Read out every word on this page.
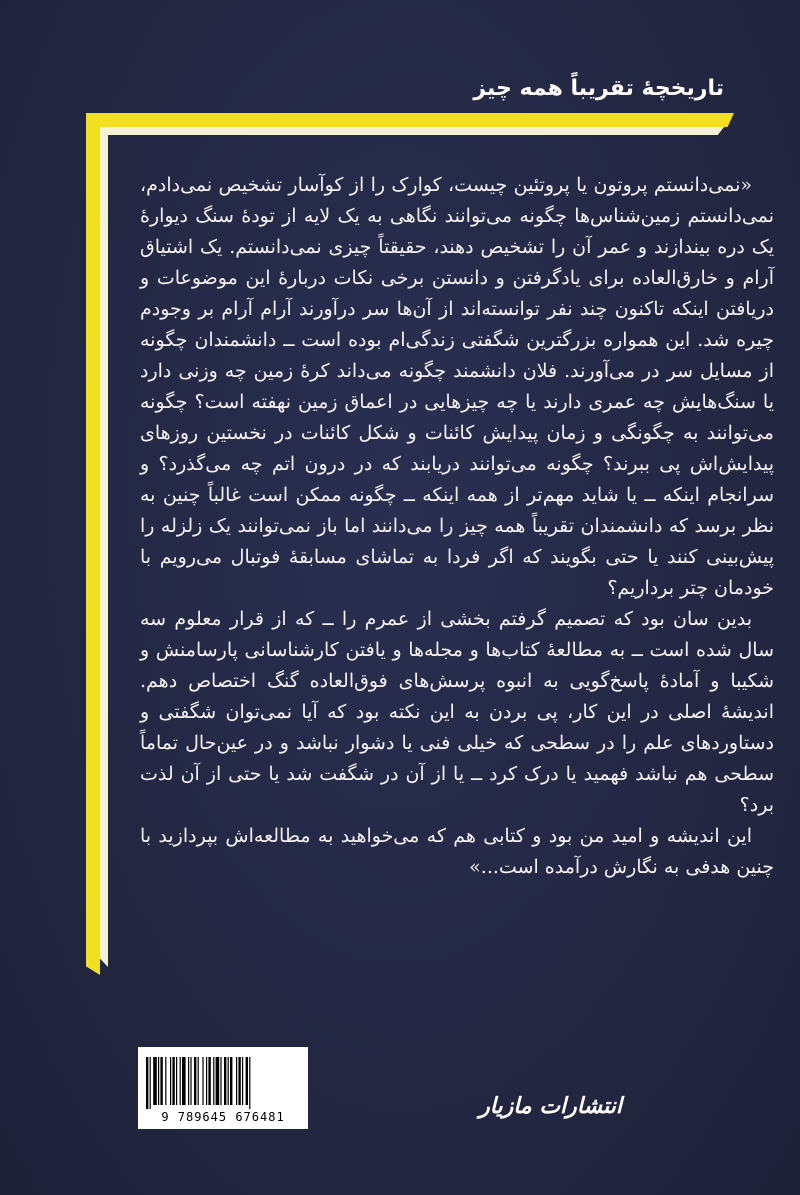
تاریخچهٔ تقریباً همه چیز

«نمی‌دانستم پروتون یا پروتئین چیست، کوارک را از کوآسار تشخیص نمی‌دادم، نمی‌دانستم زمین‌شناس‌ها چگونه می‌توانند نگاهی به یک لایه از تودهٔ سنگ دیوارهٔ یک دره بیندازند و عمر آن را تشخیص دهند، حقیقتاً چیزی نمی‌دانستم. یک اشتیاق آرام و خارق‌العاده برای یادگرفتن و دانستن برخی نکات دربارهٔ این موضوعات و دریافتن اینکه تاکنون چند نفر توانسته‌اند از آن‌ها سر درآورند آرام آرام بر وجودم چیره شد. این همواره بزرگترین شگفتی زندگی‌ام بوده است ــ دانشمندان چگونه از مسایل سر در می‌آورند. فلان دانشمند چگونه می‌داند کرهٔ زمین چه وزنی دارد یا سنگ‌هایش چه عمری دارند یا چه چیزهایی در اعماق زمین نهفته است؟ چگونه می‌توانند به چگونگی و زمان پیدایش کائنات و شکل کائنات در نخستین روزهای پیدایش‌اش پی ببرند؟ چگونه می‌توانند دریابند که در درون اتم چه می‌گذرد؟ و سرانجام اینکه ــ یا شاید مهم‌تر از همه اینکه ــ چگونه ممکن است غالباً چنین به نظر برسد که دانشمندان تقریباً همه چیز را می‌دانند اما باز نمی‌توانند یک زلزله را پیش‌بینی کنند یا حتی بگویند که اگر فردا به تماشای مسابقهٔ فوتبال می‌رویم با خودمان چتر برداریم؟

بدین سان بود که تصمیم گرفتم بخشی از عمرم را ــ که از قرار معلوم سه سال شده است ــ به مطالعهٔ کتاب‌ها و مجله‌ها و یافتن کارشناسانی پارسامنش و شکیبا و آمادهٔ پاسخ‌گویی به انبوه پرسش‌های فوق‌العاده گنگ اختصاص دهم. اندیشهٔ اصلی در این کار، پی بردن به این نکته بود که آیا نمی‌توان شگفتی و دستاوردهای علم را در سطحی که خیلی فنی یا دشوار نباشد و در عین‌حال تماماً سطحی هم نباشد فهمید یا درک کرد ــ یا از آن در شگفت شد یا حتی از آن لذت برد؟

این اندیشه و امید من بود و کتابی هم که می‌خواهید به مطالعه‌اش بپردازید با چنین هدفی به نگارش درآمده است...»

9 789645 676481	انتشارات مازیار
